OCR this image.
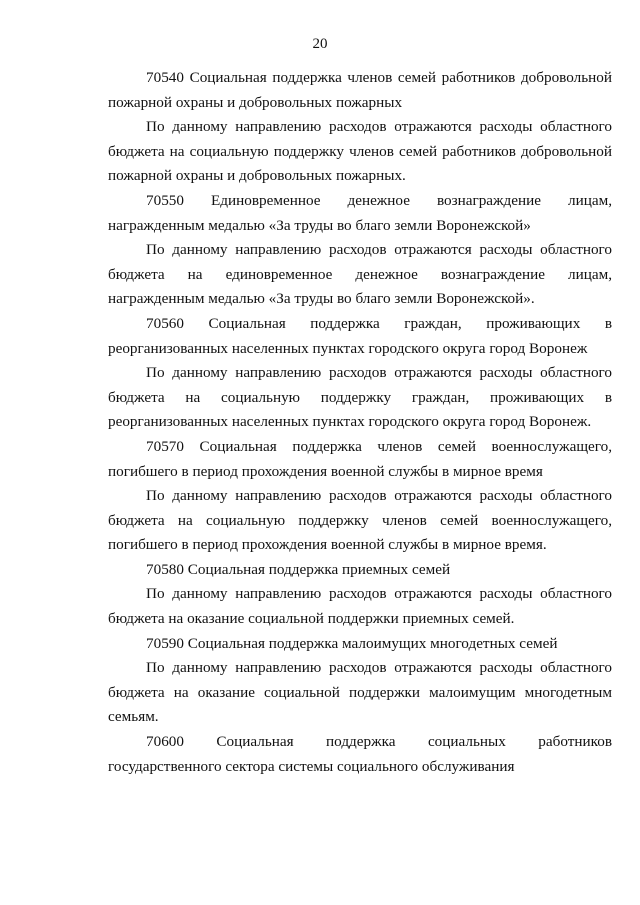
20

70540 Социальная поддержка членов семей работников добровольной пожарной охраны и добровольных пожарных

По данному направлению расходов отражаются расходы областного бюджета на социальную поддержку членов семей работников добровольной пожарной охраны и добровольных пожарных.

70550 Единовременное денежное вознаграждение лицам, награжденным медалью «За труды во благо земли Воронежской»

По данному направлению расходов отражаются расходы областного бюджета на единовременное денежное вознаграждение лицам, награжденным медалью «За труды во благо земли Воронежской».

70560 Социальная поддержка граждан, проживающих в реорганизованных населенных пунктах городского округа город Воронеж

По данному направлению расходов отражаются расходы областного бюджета на социальную поддержку граждан, проживающих в реорганизованных населенных пунктах городского округа город Воронеж.

70570 Социальная поддержка членов семей военнослужащего, погибшего в период прохождения военной службы в мирное время

По данному направлению расходов отражаются расходы областного бюджета на социальную поддержку членов семей военнослужащего, погибшего в период прохождения военной службы в мирное время.

70580 Социальная поддержка приемных семей

По данному направлению расходов отражаются расходы областного бюджета на оказание социальной поддержки приемных семей.

70590 Социальная поддержка малоимущих многодетных семей

По данному направлению расходов отражаются расходы областного бюджета на оказание социальной поддержки малоимущим многодетным семьям.

70600 Социальная поддержка социальных работников государственного сектора системы социального обслуживания
